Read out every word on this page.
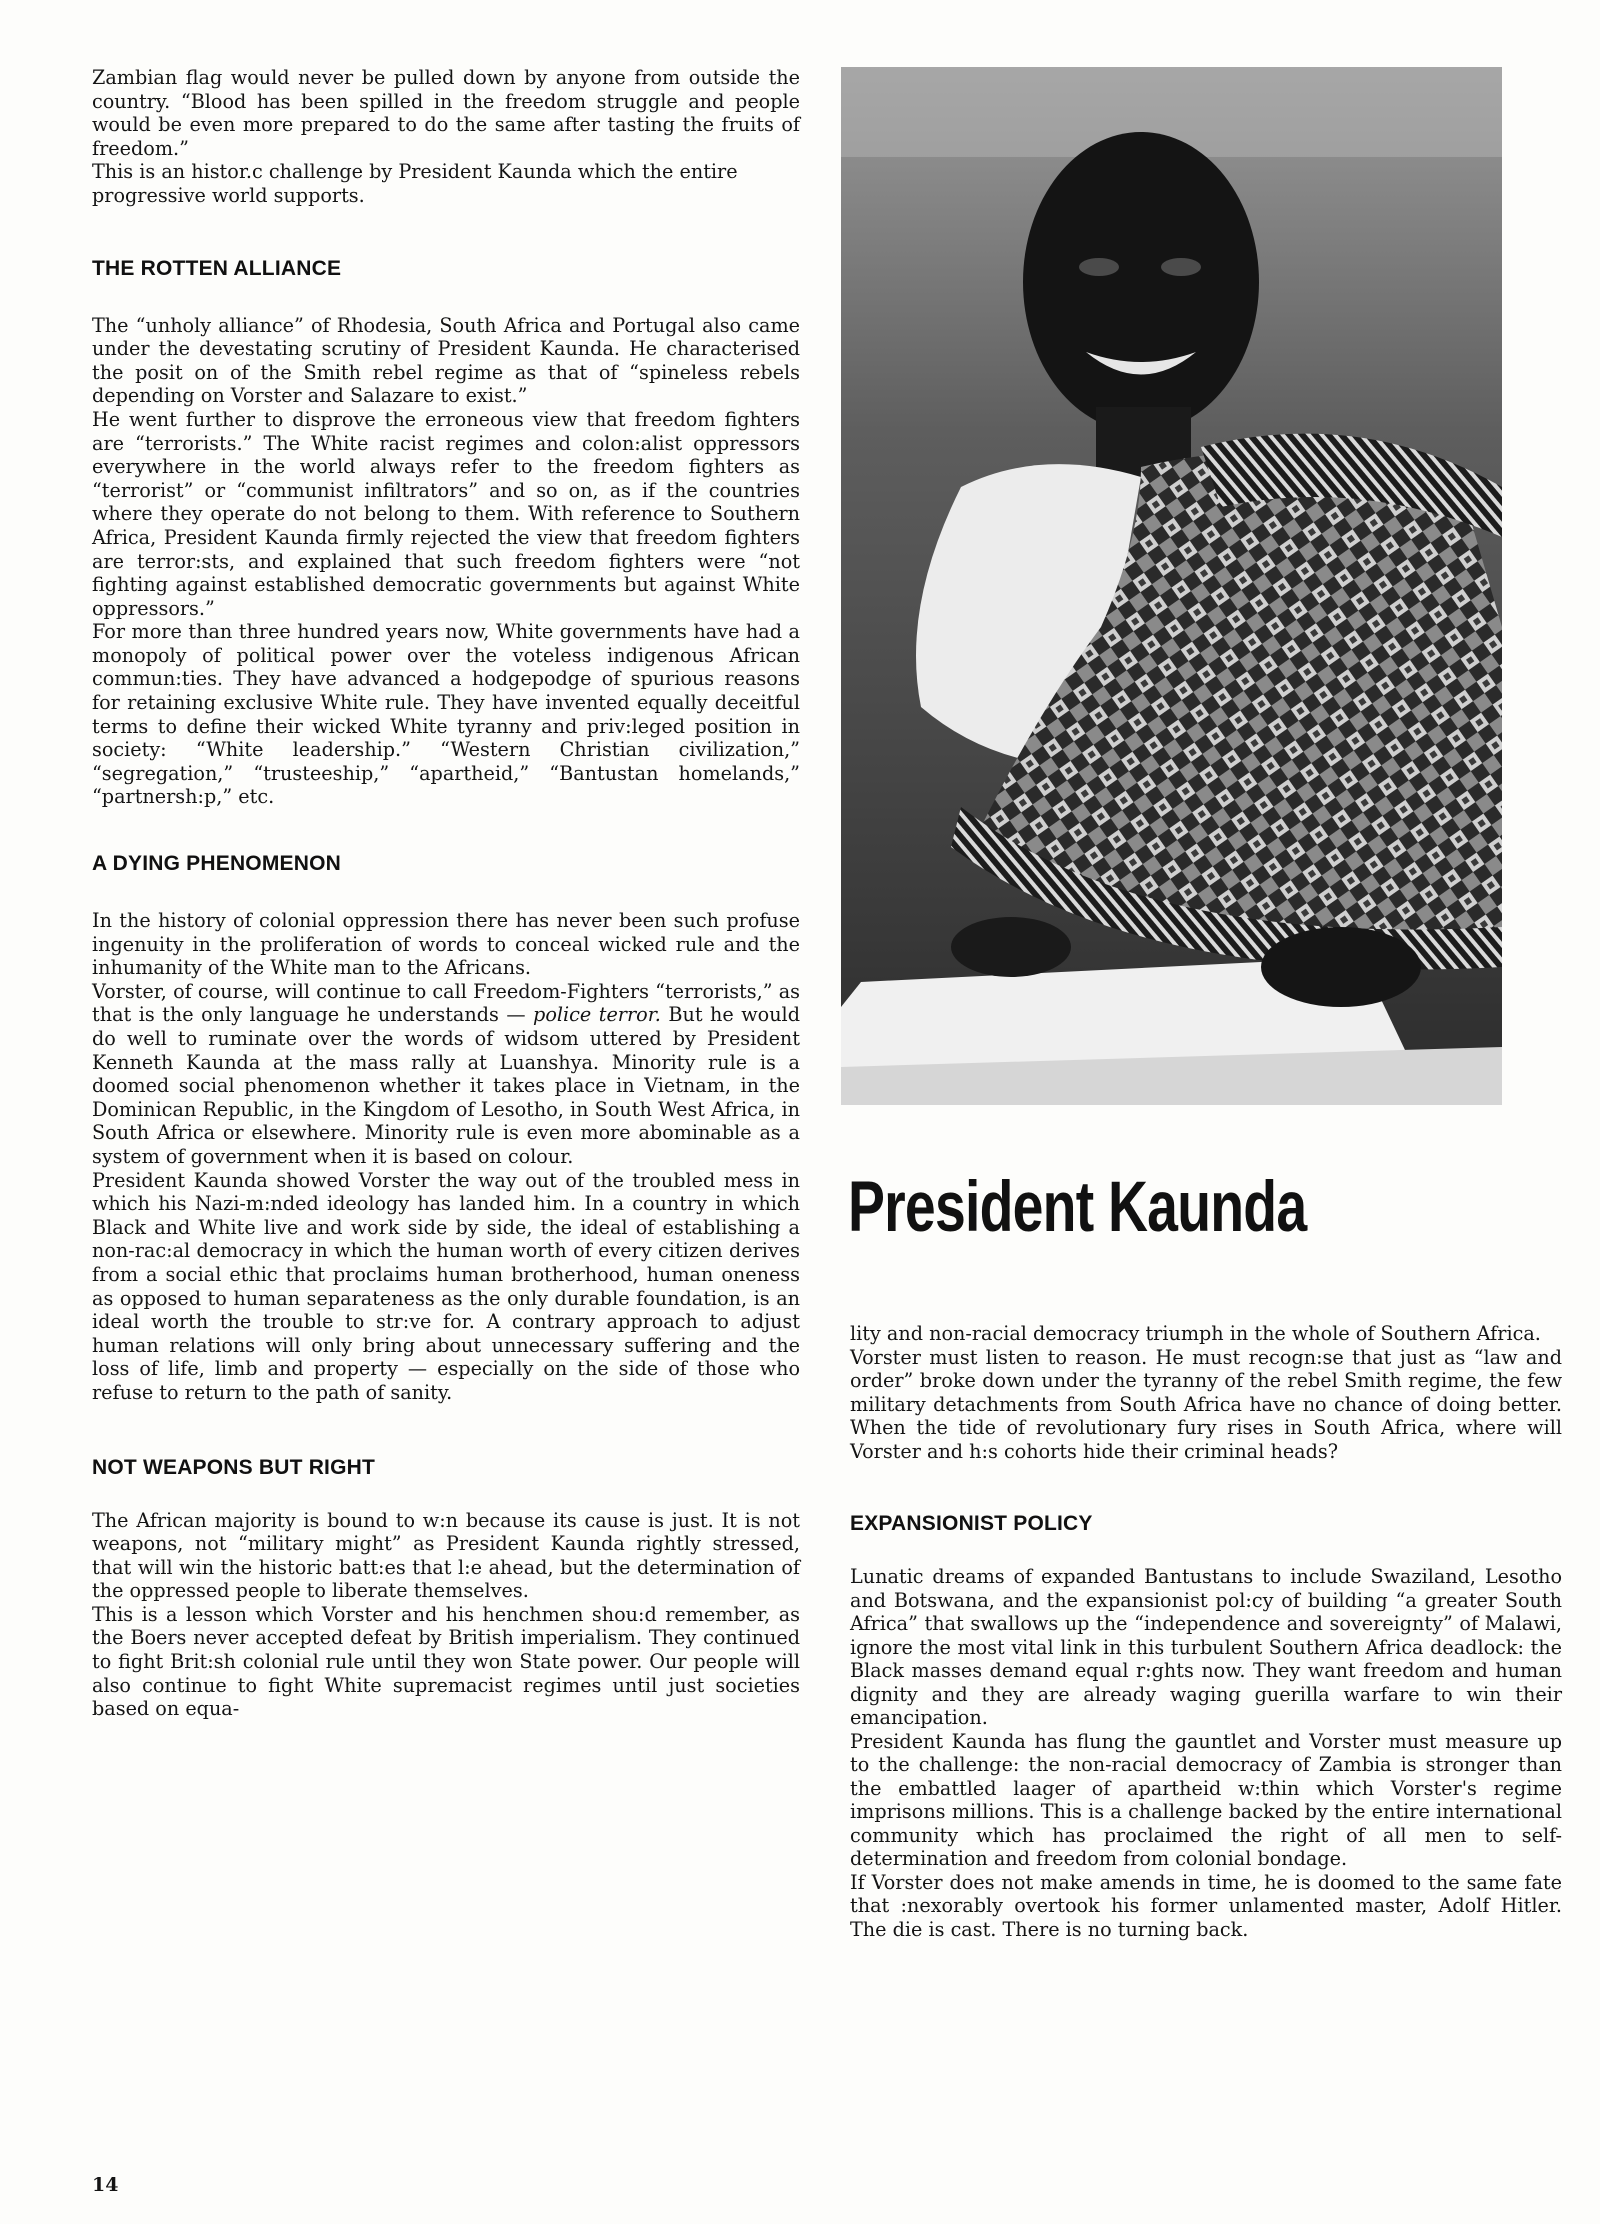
Zambian flag would never be pulled down by anyone from outside the country. “Blood has been spilled in the freedom struggle and people would be even more prepared to do the same after tasting the fruits of freedom.”

This is an histor.c challenge by President Kaunda which the entire progressive world supports.

THE ROTTEN ALLIANCE

The “unholy alliance” of Rhodesia, South Africa and Portugal also came under the devestating scrutiny of President Kaunda. He characterised the posit on of the Smith rebel regime as that of “spineless rebels depending on Vorster and Salazare to exist.”

He went further to disprove the erroneous view that freedom fighters are “terrorists.” The White racist regimes and colon:alist oppressors everywhere in the world always refer to the freedom fighters as “terrorist” or “communist infiltrators” and so on, as if the countries where they operate do not belong to them. With reference to Southern Africa, President Kaunda firmly rejected the view that freedom fighters are terror:sts, and explained that such freedom fighters were “not fighting against established democratic governments but against White oppressors.”

For more than three hundred years now, White governments have had a monopoly of political power over the voteless indigenous African commun:ties. They have advanced a hodgepodge of spurious reasons for retaining exclusive White rule. They have invented equally deceitful terms to define their wicked White tyranny and priv:leged position in society: “White leadership.” “Western Christian civilization,” “segregation,” “trusteeship,” “apartheid,” “Bantustan homelands,” “partnersh:p,” etc.

A DYING PHENOMENON

In the history of colonial oppression there has never been such profuse ingenuity in the proliferation of words to conceal wicked rule and the inhumanity of the White man to the Africans.

Vorster, of course, will continue to call Freedom-Fighters “terrorists,” as that is the only language he understands — police terror. But he would do well to ruminate over the words of widsom uttered by President Kenneth Kaunda at the mass rally at Luanshya. Minority rule is a doomed social phenomenon whether it takes place in Vietnam, in the Dominican Republic, in the Kingdom of Lesotho, in South West Africa, in South Africa or elsewhere. Minority rule is even more abominable as a system of government when it is based on colour.

President Kaunda showed Vorster the way out of the troubled mess in which his Nazi-m:nded ideology has landed him. In a country in which Black and White live and work side by side, the ideal of establishing a non-rac:al democracy in which the human worth of every citizen derives from a social ethic that proclaims human brotherhood, human oneness as opposed to human separateness as the only durable foundation, is an ideal worth the trouble to str:ve for. A contrary approach to adjust human relations will only bring about unnecessary suffering and the loss of life, limb and property — especially on the side of those who refuse to return to the path of sanity.

NOT WEAPONS BUT RIGHT

The African majority is bound to w:n because its cause is just. It is not weapons, not “military might” as President Kaunda rightly stressed, that will win the historic batt:es that l:e ahead, but the determination of the oppressed people to liberate themselves.

This is a lesson which Vorster and his henchmen shou:d remember, as the Boers never accepted defeat by British imperialism. They continued to fight Brit:sh colonial rule until they won State power. Our people will also continue to fight White supremacist regimes until just societies based on equa-

President Kaunda

lity and non-racial democracy triumph in the whole of Southern Africa.

Vorster must listen to reason. He must recogn:se that just as “law and order” broke down under the tyranny of the rebel Smith regime, the few military detachments from South Africa have no chance of doing better. When the tide of revolutionary fury rises in South Africa, where will Vorster and h:s cohorts hide their criminal heads?

EXPANSIONIST POLICY

Lunatic dreams of expanded Bantustans to include Swaziland, Lesotho and Botswana, and the expansionist pol:cy of building “a greater South Africa” that swallows up the “independence and sovereignty” of Malawi, ignore the most vital link in this turbulent Southern Africa deadlock: the Black masses demand equal r:ghts now. They want freedom and human dignity and they are already waging guerilla warfare to win their emancipation.

President Kaunda has flung the gauntlet and Vorster must measure up to the challenge: the non-racial democracy of Zambia is stronger than the embattled laager of apartheid w:thin which Vorster's regime imprisons millions. This is a challenge backed by the entire international community which has proclaimed the right of all men to self-determination and freedom from colonial bondage.

If Vorster does not make amends in time, he is doomed to the same fate that :nexorably overtook his former unlamented master, Adolf Hitler. The die is cast. There is no turning back.

14
